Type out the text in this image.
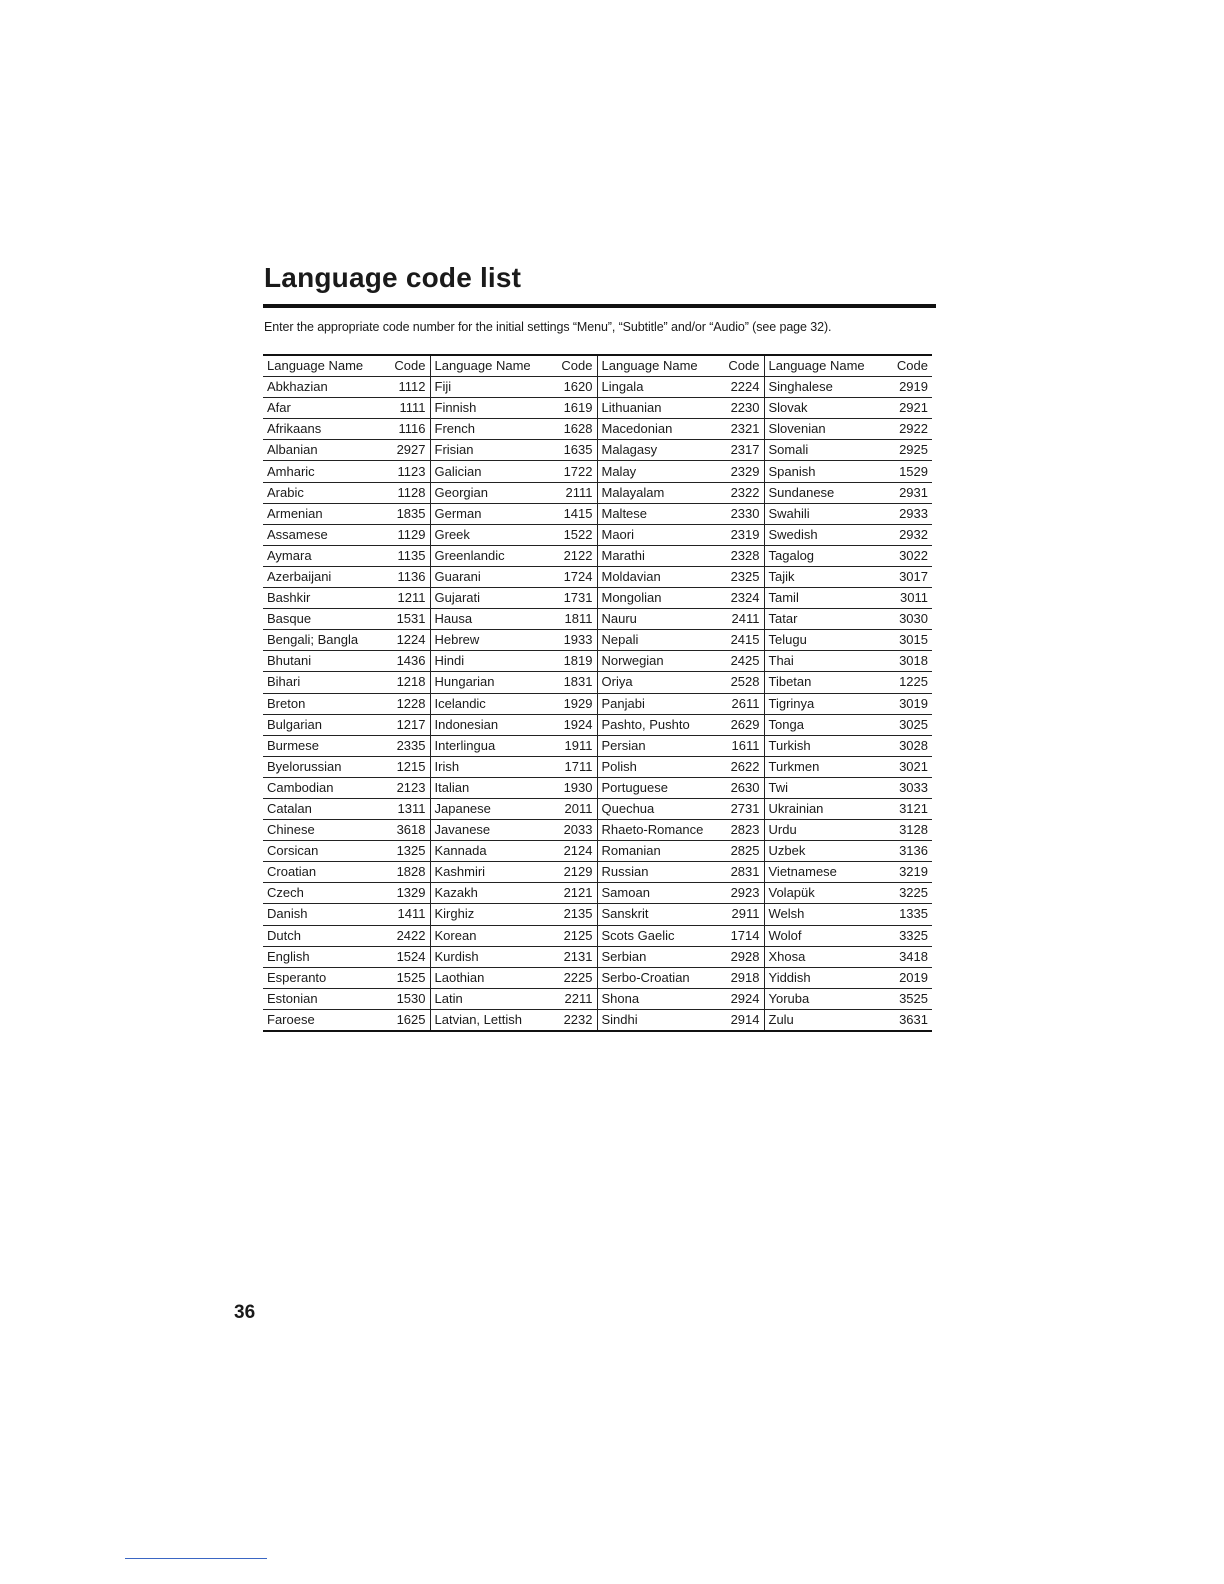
Language code list

Enter the appropriate code number for the initial settings “Menu”, “Subtitle” and/or “Audio” (see page 32).

Language Name	Code	Language Name	Code	Language Name	Code	Language Name	Code
Abkhazian	1112	Fiji	1620	Lingala	2224	Singhalese	2919
Afar	1111	Finnish	1619	Lithuanian	2230	Slovak	2921
Afrikaans	1116	French	1628	Macedonian	2321	Slovenian	2922
Albanian	2927	Frisian	1635	Malagasy	2317	Somali	2925
Amharic	1123	Galician	1722	Malay	2329	Spanish	1529
Arabic	1128	Georgian	2111	Malayalam	2322	Sundanese	2931
Armenian	1835	German	1415	Maltese	2330	Swahili	2933
Assamese	1129	Greek	1522	Maori	2319	Swedish	2932
Aymara	1135	Greenlandic	2122	Marathi	2328	Tagalog	3022
Azerbaijani	1136	Guarani	1724	Moldavian	2325	Tajik	3017
Bashkir	1211	Gujarati	1731	Mongolian	2324	Tamil	3011
Basque	1531	Hausa	1811	Nauru	2411	Tatar	3030
Bengali; Bangla	1224	Hebrew	1933	Nepali	2415	Telugu	3015
Bhutani	1436	Hindi	1819	Norwegian	2425	Thai	3018
Bihari	1218	Hungarian	1831	Oriya	2528	Tibetan	1225
Breton	1228	Icelandic	1929	Panjabi	2611	Tigrinya	3019
Bulgarian	1217	Indonesian	1924	Pashto, Pushto	2629	Tonga	3025
Burmese	2335	Interlingua	1911	Persian	1611	Turkish	3028
Byelorussian	1215	Irish	1711	Polish	2622	Turkmen	3021
Cambodian	2123	Italian	1930	Portuguese	2630	Twi	3033
Catalan	1311	Japanese	2011	Quechua	2731	Ukrainian	3121
Chinese	3618	Javanese	2033	Rhaeto-Romance	2823	Urdu	3128
Corsican	1325	Kannada	2124	Romanian	2825	Uzbek	3136
Croatian	1828	Kashmiri	2129	Russian	2831	Vietnamese	3219
Czech	1329	Kazakh	2121	Samoan	2923	Volapük	3225
Danish	1411	Kirghiz	2135	Sanskrit	2911	Welsh	1335
Dutch	2422	Korean	2125	Scots Gaelic	1714	Wolof	3325
English	1524	Kurdish	2131	Serbian	2928	Xhosa	3418
Esperanto	1525	Laothian	2225	Serbo-Croatian	2918	Yiddish	2019
Estonian	1530	Latin	2211	Shona	2924	Yoruba	3525
Faroese	1625	Latvian, Lettish	2232	Sindhi	2914	Zulu	3631
36
